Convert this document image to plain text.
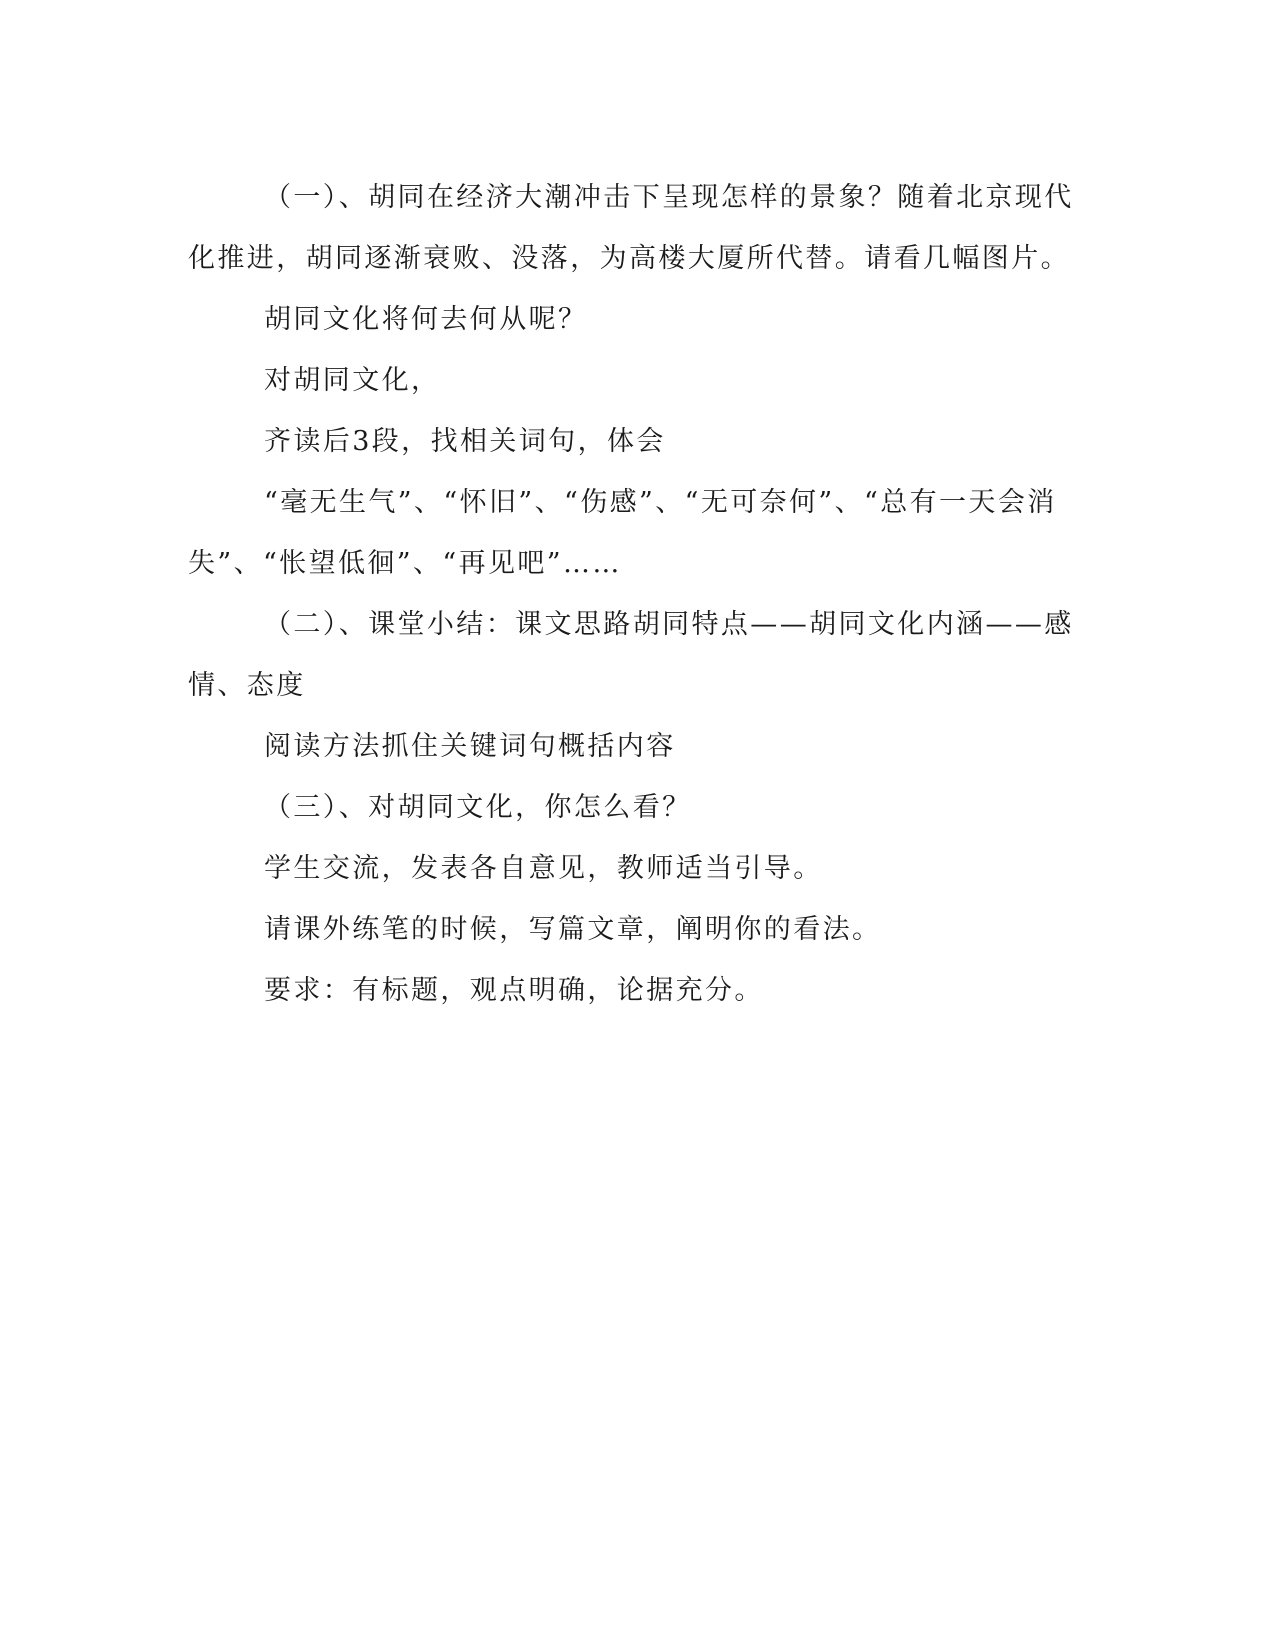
（一）、胡同在经济大潮冲击下呈现怎样的景象？随着北京现代化推进，胡同逐渐衰败、没落，为高楼大厦所代替。请看几幅图片。

胡同文化将何去何从呢？

对胡同文化，

齐读后3段，找相关词句，体会

“毫无生气”、“怀旧”、“伤感”、“无可奈何”、“总有一天会消失”、“怅望低徊”、“再见吧”……

（二）、课堂小结：课文思路胡同特点——胡同文化内涵——感情、态度

阅读方法抓住关键词句概括内容

（三）、对胡同文化，你怎么看？

学生交流，发表各自意见，教师适当引导。

请课外练笔的时候，写篇文章，阐明你的看法。

要求：有标题，观点明确，论据充分。
